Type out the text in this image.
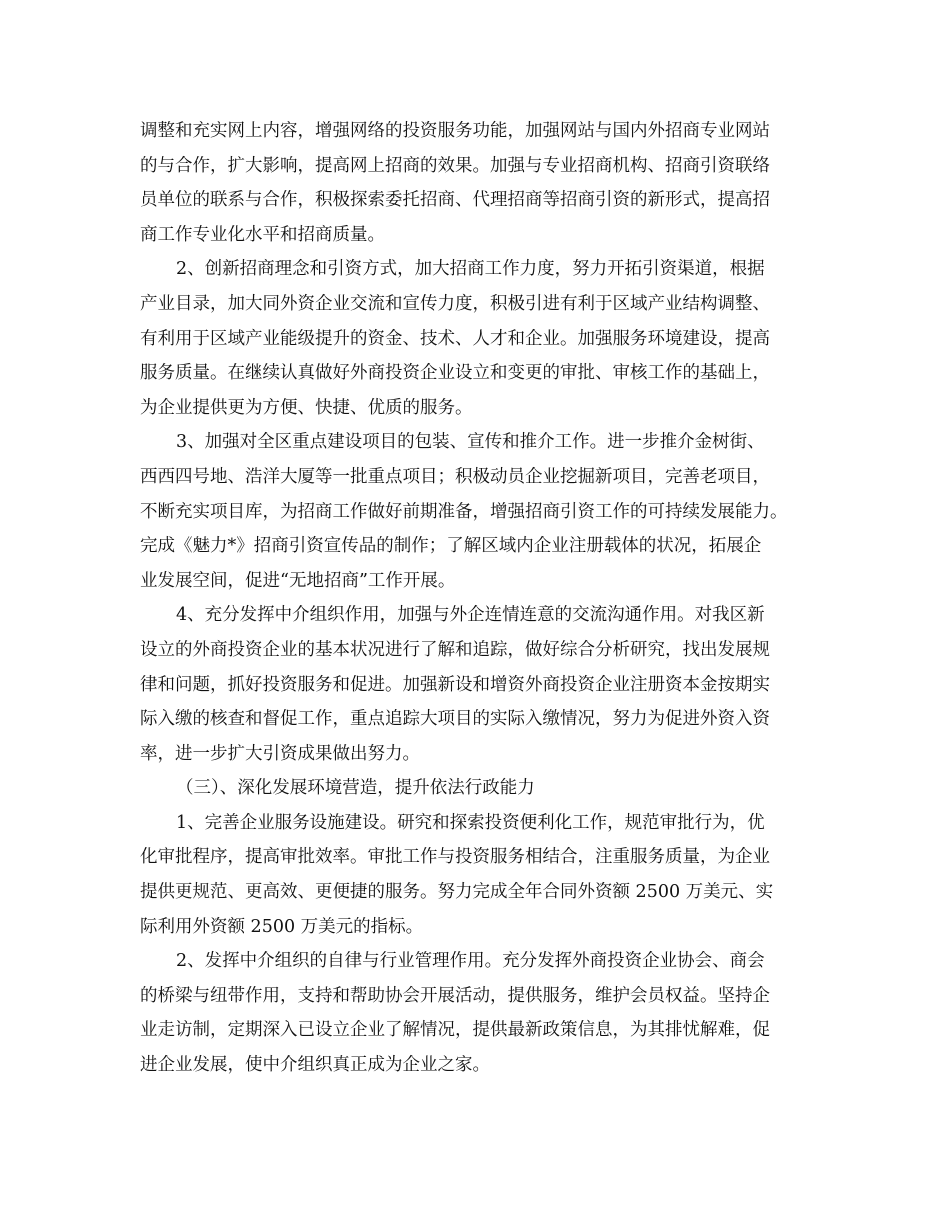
调整和充实网上内容，增强网络的投资服务功能，加强网站与国内外招商专业网站
的与合作，扩大影响，提高网上招商的效果。加强与专业招商机构、招商引资联络
员单位的联系与合作，积极探索委托招商、代理招商等招商引资的新形式，提高招
商工作专业化水平和招商质量。
2、创新招商理念和引资方式，加大招商工作力度，努力开拓引资渠道，根据
产业目录，加大同外资企业交流和宣传力度，积极引进有利于区域产业结构调整、
有利用于区域产业能级提升的资金、技术、人才和企业。加强服务环境建设，提高
服务质量。在继续认真做好外商投资企业设立和变更的审批、审核工作的基础上，
为企业提供更为方便、快捷、优质的服务。
3、加强对全区重点建设项目的包装、宣传和推介工作。进一步推介金树街、
西西四号地、浩洋大厦等一批重点项目；积极动员企业挖掘新项目，完善老项目，
不断充实项目库，为招商工作做好前期准备，增强招商引资工作的可持续发展能力。
完成《魅力*》招商引资宣传品的制作；了解区域内企业注册载体的状况，拓展企
业发展空间，促进“无地招商”工作开展。
4、充分发挥中介组织作用，加强与外企连情连意的交流沟通作用。对我区新
设立的外商投资企业的基本状况进行了解和追踪，做好综合分析研究，找出发展规
律和问题，抓好投资服务和促进。加强新设和增资外商投资企业注册资本金按期实
际入缴的核查和督促工作，重点追踪大项目的实际入缴情况，努力为促进外资入资
率，进一步扩大引资成果做出努力。
（三）、深化发展环境营造，提升依法行政能力
1、完善企业服务设施建设。研究和探索投资便利化工作，规范审批行为，优
化审批程序，提高审批效率。审批工作与投资服务相结合，注重服务质量，为企业
提供更规范、更高效、更便捷的服务。努力完成全年合同外资额 2500 万美元、实
际利用外资额 2500 万美元的指标。
2、发挥中介组织的自律与行业管理作用。充分发挥外商投资企业协会、商会
的桥梁与纽带作用，支持和帮助协会开展活动，提供服务，维护会员权益。坚持企
业走访制，定期深入已设立企业了解情况，提供最新政策信息，为其排忧解难，促
进企业发展，使中介组织真正成为企业之家。
